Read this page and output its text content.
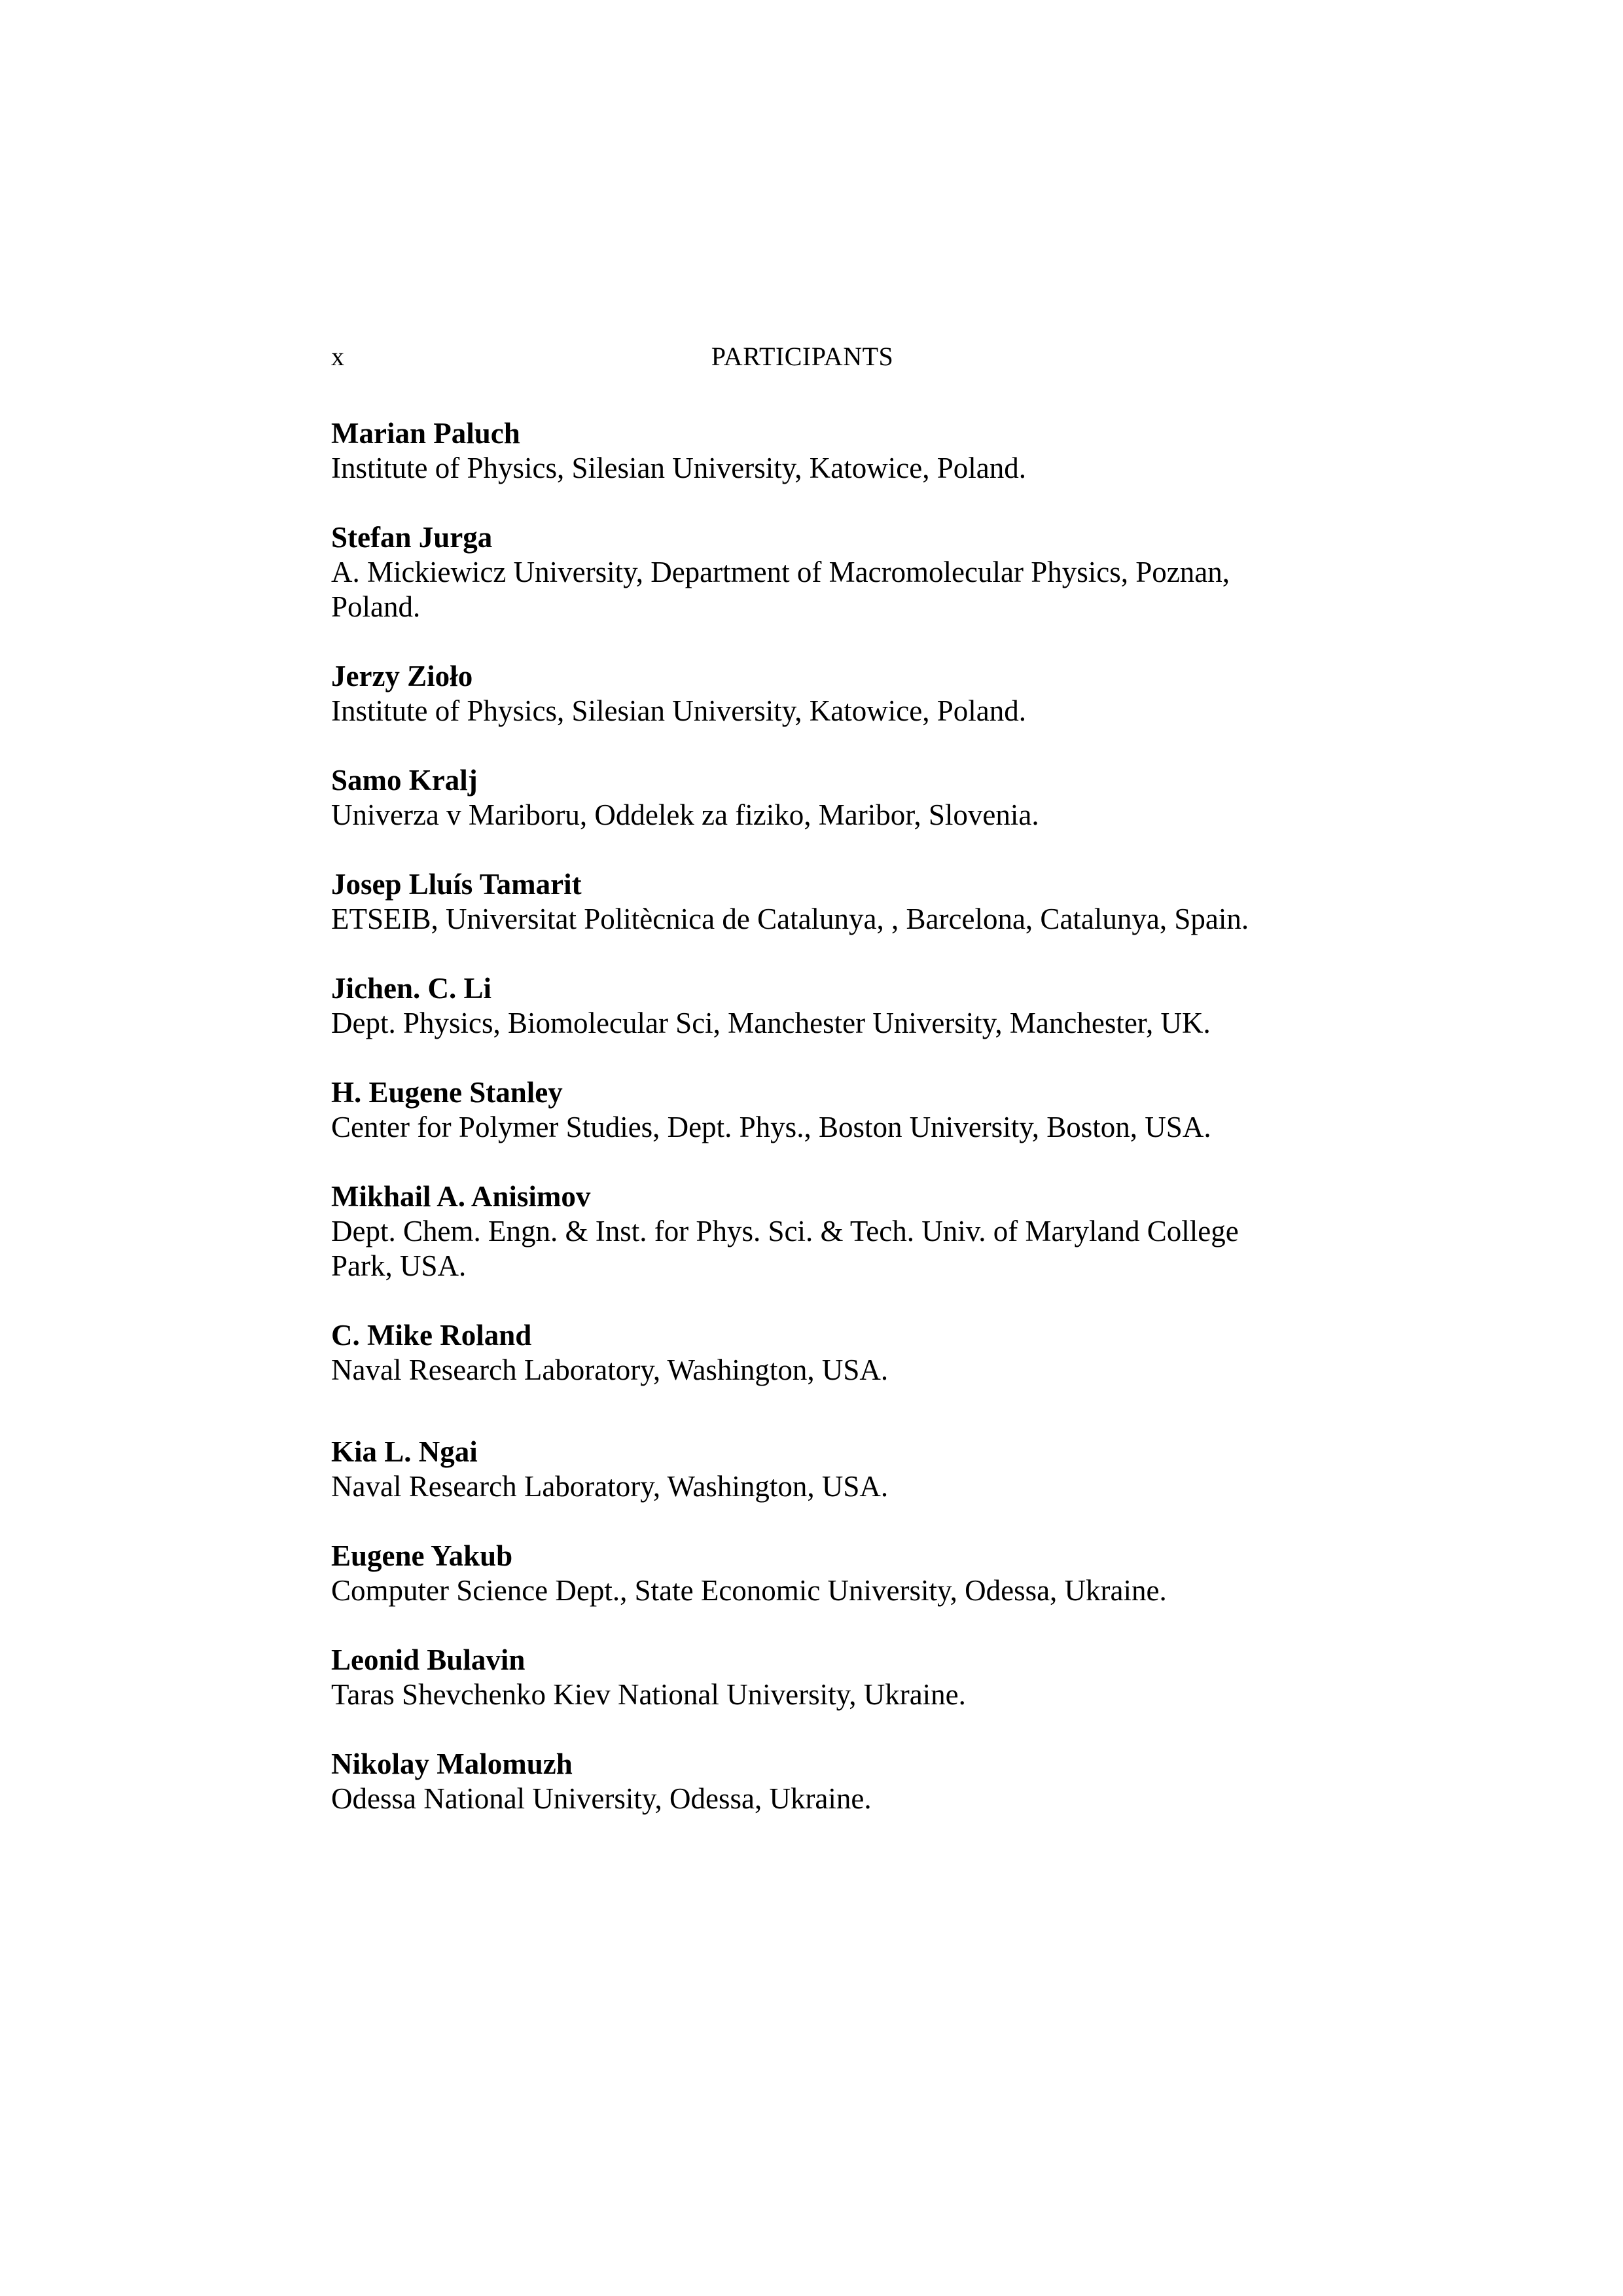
x	PARTICIPANTS
Marian Paluch
Institute of Physics, Silesian University, Katowice, Poland.
Stefan Jurga
A. Mickiewicz University, Department of Macromolecular Physics, Poznan, Poland.
Jerzy Zioło
Institute of Physics, Silesian University, Katowice, Poland.
Samo Kralj
Univerza v Mariboru, Oddelek za fiziko, Maribor, Slovenia.
Josep Lluís Tamarit
ETSEIB, Universitat Politècnica de Catalunya, , Barcelona, Catalunya, Spain.
Jichen. C. Li
Dept. Physics, Biomolecular Sci, Manchester University, Manchester, UK.
H. Eugene Stanley
Center for Polymer Studies, Dept. Phys., Boston University, Boston, USA.
Mikhail A. Anisimov
Dept. Chem. Engn. & Inst. for Phys. Sci. & Tech. Univ. of Maryland College Park, USA.
C. Mike Roland
Naval Research Laboratory, Washington, USA.
Kia L. Ngai
Naval Research Laboratory, Washington, USA.
Eugene Yakub
Computer Science Dept., State Economic University, Odessa, Ukraine.
Leonid Bulavin
Taras Shevchenko Kiev National University, Ukraine.
Nikolay Malomuzh
Odessa National University, Odessa, Ukraine.
